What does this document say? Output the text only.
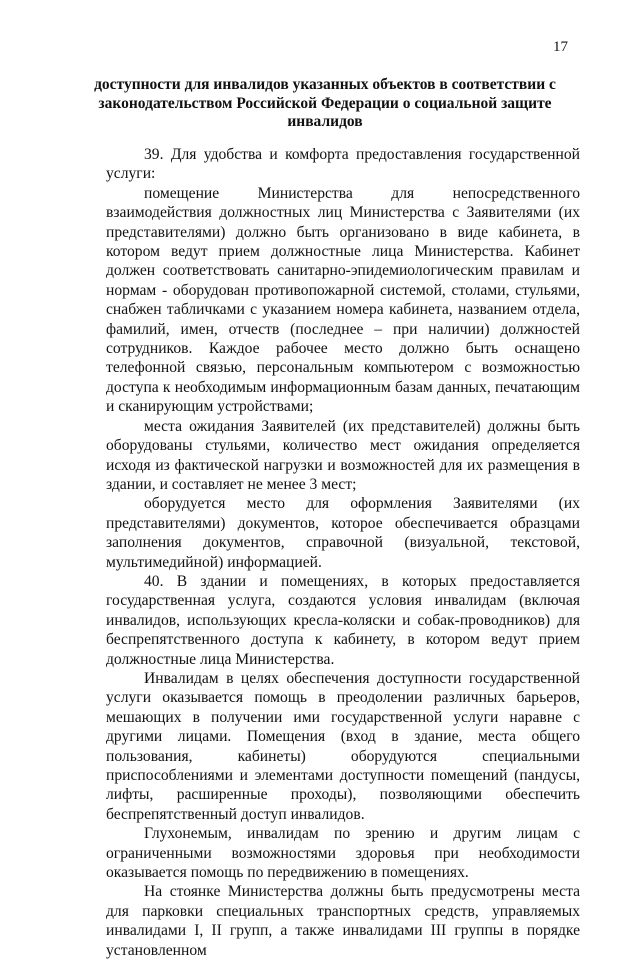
17
доступности для инвалидов указанных объектов в соответствии с законодательством Российской Федерации о социальной защите инвалидов

39. Для удобства и комфорта предоставления государственной услуги:

помещение Министерства для непосредственного взаимодействия должностных лиц Министерства с Заявителями (их представителями) должно быть организовано в виде кабинета, в котором ведут прием должностные лица Министерства. Кабинет должен соответствовать санитарно-эпидемиологическим правилам и нормам - оборудован противопожарной системой, столами, стульями, снабжен табличками с указанием номера кабинета, названием отдела, фамилий, имен, отчеств (последнее – при наличии) должностей сотрудников. Каждое рабочее место должно быть оснащено телефонной связью, персональным компьютером с возможностью доступа к необходимым информационным базам данных, печатающим и сканирующим устройствами;

места ожидания Заявителей (их представителей) должны быть оборудованы стульями, количество мест ожидания определяется исходя из фактической нагрузки и возможностей для их размещения в здании, и составляет не менее 3 мест;

оборудуется место для оформления Заявителями (их представителями) документов, которое обеспечивается образцами заполнения документов, справочной (визуальной, текстовой, мультимедийной) информацией.

40. В здании и помещениях, в которых предоставляется государственная услуга, создаются условия инвалидам (включая инвалидов, использующих кресла-коляски и собак-проводников) для беспрепятственного доступа к кабинету, в котором ведут прием должностные лица Министерства.

Инвалидам в целях обеспечения доступности государственной услуги оказывается помощь в преодолении различных барьеров, мешающих в получении ими государственной услуги наравне с другими лицами. Помещения (вход в здание, места общего пользования, кабинеты) оборудуются специальными приспособлениями и элементами доступности помещений (пандусы, лифты, расширенные проходы), позволяющими обеспечить беспрепятственный доступ инвалидов.

Глухонемым, инвалидам по зрению и другим лицам с ограниченными возможностями здоровья при необходимости оказывается помощь по передвижению в помещениях.

На стоянке Министерства должны быть предусмотрены места для парковки специальных транспортных средств, управляемых инвалидами I, II групп, а также инвалидами III группы в порядке установленном
